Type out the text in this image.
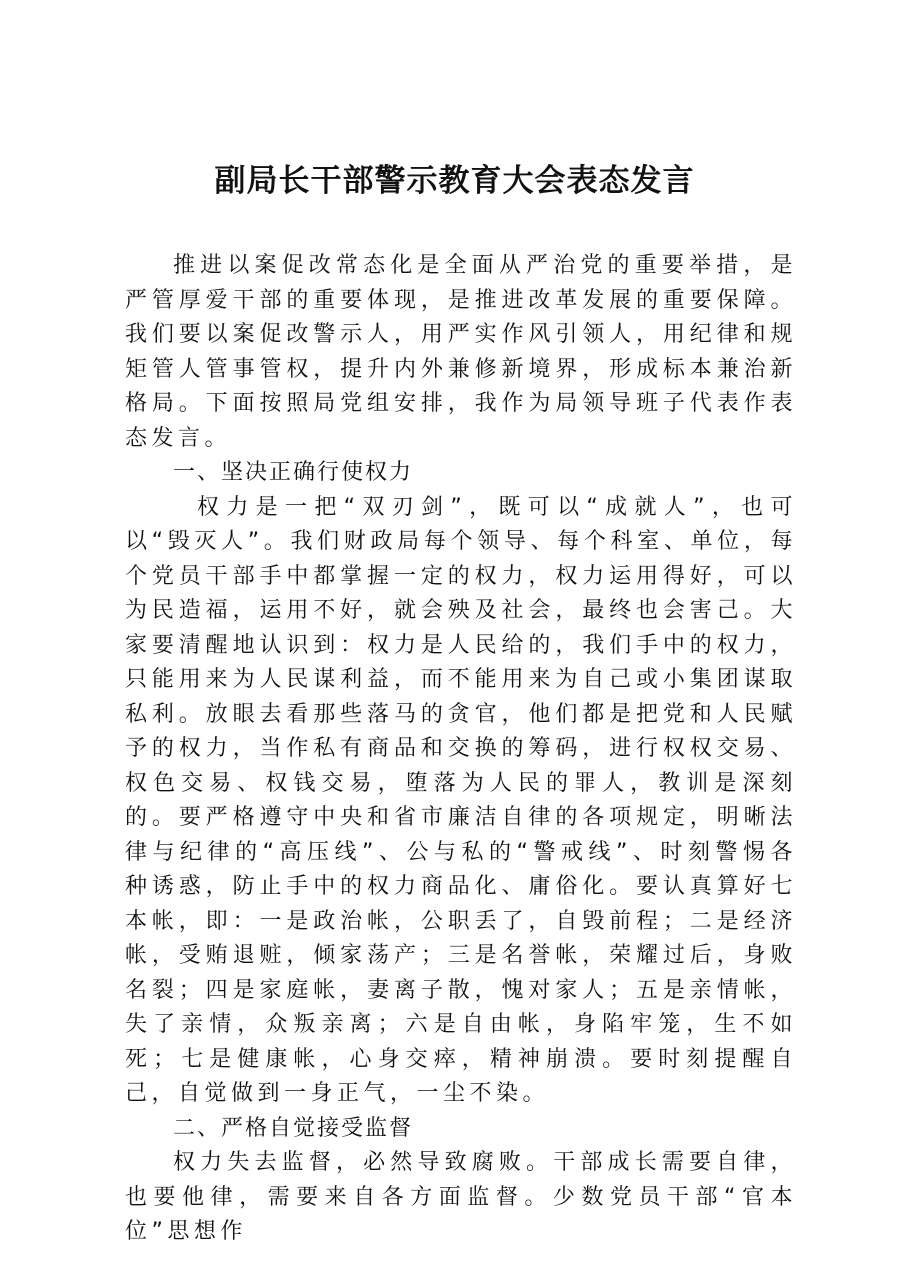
副局长干部警示教育大会表态发言

推进以案促改常态化是全面从严治党的重要举措，是严管厚爱干部的重要体现，是推进改革发展的重要保障。我们要以案促改警示人，用严实作风引领人，用纪律和规矩管人管事管权，提升内外兼修新境界，形成标本兼治新格局。下面按照局党组安排，我作为局领导班子代表作表态发言。

一、坚决正确行使权力

权力是一把“双刃剑”，既可以“成就人”，也可以“毁灭人”。我们财政局每个领导、每个科室、单位，每个党员干部手中都掌握一定的权力，权力运用得好，可以为民造福，运用不好，就会殃及社会，最终也会害己。大家要清醒地认识到：权力是人民给的，我们手中的权力，只能用来为人民谋利益，而不能用来为自己或小集团谋取私利。放眼去看那些落马的贪官，他们都是把党和人民赋予的权力，当作私有商品和交换的筹码，进行权权交易、权色交易、权钱交易，堕落为人民的罪人，教训是深刻的。要严格遵守中央和省市廉洁自律的各项规定，明晰法律与纪律的“高压线”、公与私的“警戒线”、时刻警惕各种诱惑，防止手中的权力商品化、庸俗化。要认真算好七本帐，即：一是政治帐，公职丢了，自毁前程；二是经济帐，受贿退赃，倾家荡产；三是名誉帐，荣耀过后，身败名裂；四是家庭帐，妻离子散，愧对家人；五是亲情帐，失了亲情，众叛亲离；六是自由帐，身陷牢笼，生不如死；七是健康帐，心身交瘁，精神崩溃。要时刻提醒自己，自觉做到一身正气，一尘不染。

二、严格自觉接受监督

权力失去监督，必然导致腐败。干部成长需要自律，也要他律，需要来自各方面监督。少数党员干部“官本位”思想作
